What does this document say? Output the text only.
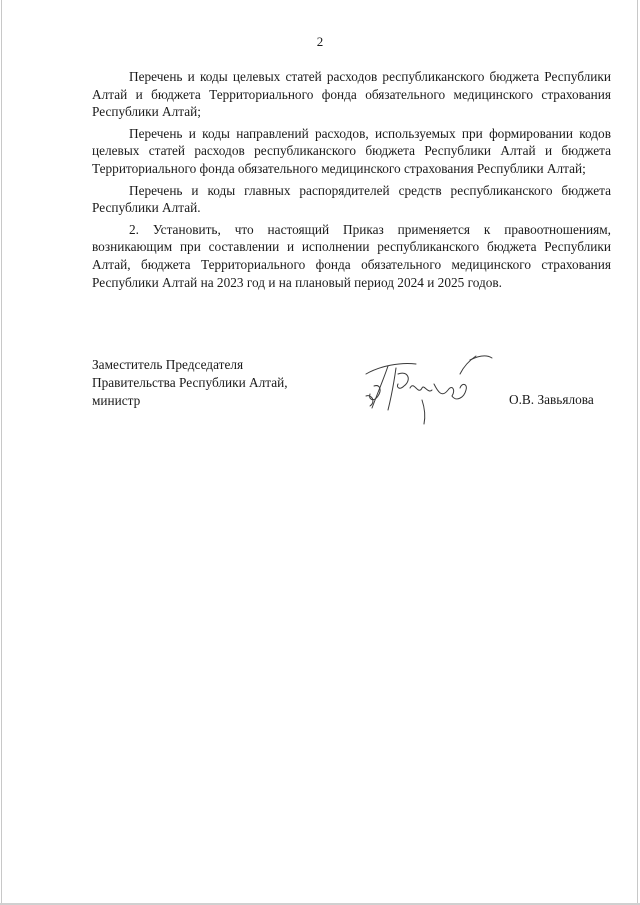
2

Перечень и коды целевых статей расходов республиканского бюджета Республики Алтай и бюджета Территориального фонда обязательного медицинского страхования Республики Алтай;

Перечень и коды направлений расходов, используемых при формировании кодов целевых статей расходов республиканского бюджета Республики Алтай и бюджета Территориального фонда обязательного медицинского страхования Республики Алтай;

Перечень и коды главных распорядителей средств республиканского бюджета Республики Алтай.

2. Установить, что настоящий Приказ применяется к правоотношениям, возникающим при составлении и исполнении республиканского бюджета Республики Алтай, бюджета Территориального фонда обязательного медицинского страхования Республики Алтай на 2023 год и на плановый период 2024 и 2025 годов.

Заместитель Председателя
Правительства Республики Алтай,
министр	О.В. Завьялова
